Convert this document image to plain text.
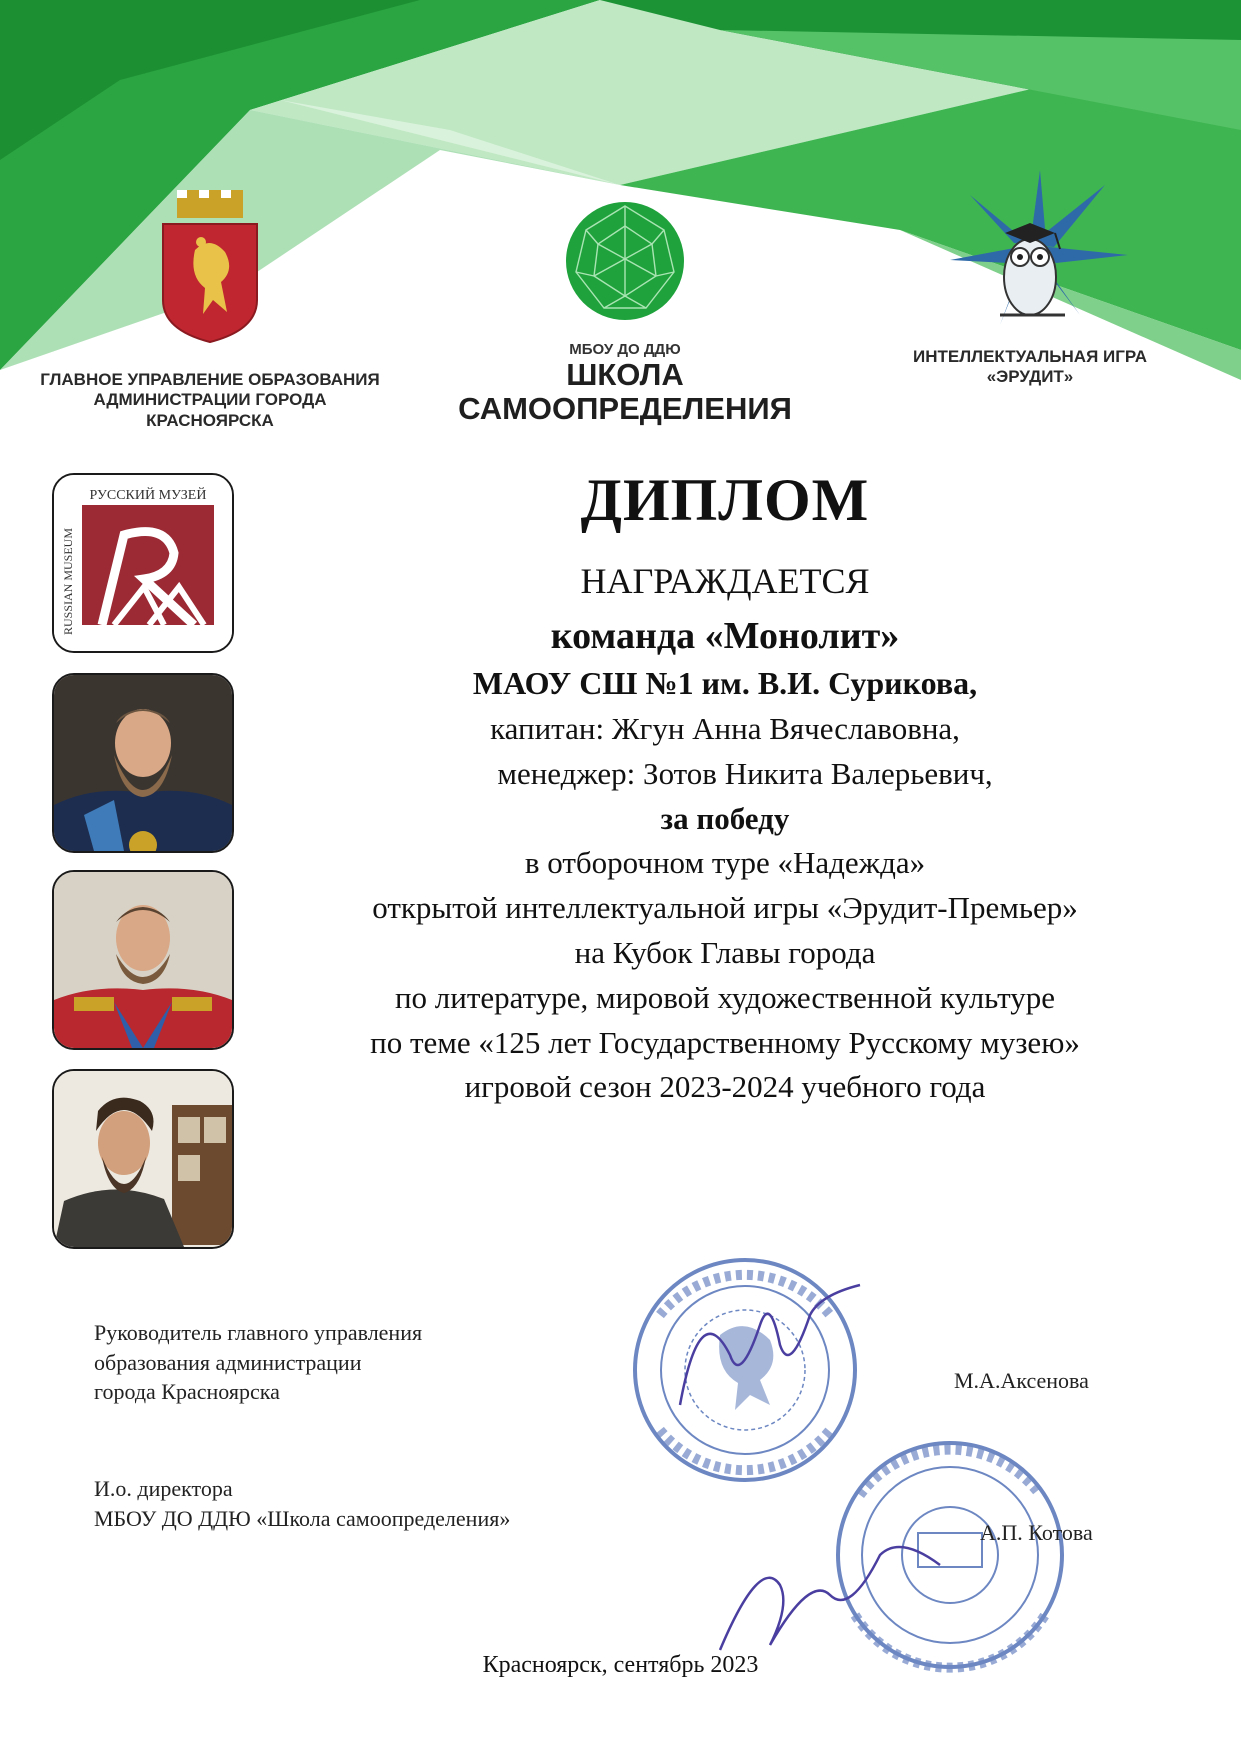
ГЛАВНОЕ УПРАВЛЕНИЕ ОБРАЗОВАНИЯ
АДМИНИСТРАЦИИ ГОРОДА
КРАСНОЯРСКА
МБОУ ДО ДДЮ
ШКОЛА
САМООПРЕДЕЛЕНИЯ
ИНТЕЛЛЕКТУАЛЬНАЯ ИГРА
«ЭРУДИТ»
РУССКИЙ МУЗЕЙ
RUSSIAN MUSEUM
ДИПЛОМ
НАГРАЖДАЕТСЯ
команда «Монолит»
МАОУ СШ №1 им. В.И. Сурикова,
капитан: Жгун Анна Вячеславовна,
менеджер: Зотов Никита Валерьевич,
за победу
в отборочном туре «Надежда»
открытой интеллектуальной игры «Эрудит-Премьер»
на Кубок Главы города
по литературе, мировой художественной культуре
по теме «125 лет Государственному Русскому музею»
игровой сезон 2023-2024 учебного года
Руководитель главного управления
образования администрации
города Красноярска	М.А.Аксенова
И.о. директора
МБОУ ДО ДДЮ «Школа самоопределения»
А.П. Котова
Красноярск, сентябрь 2023
